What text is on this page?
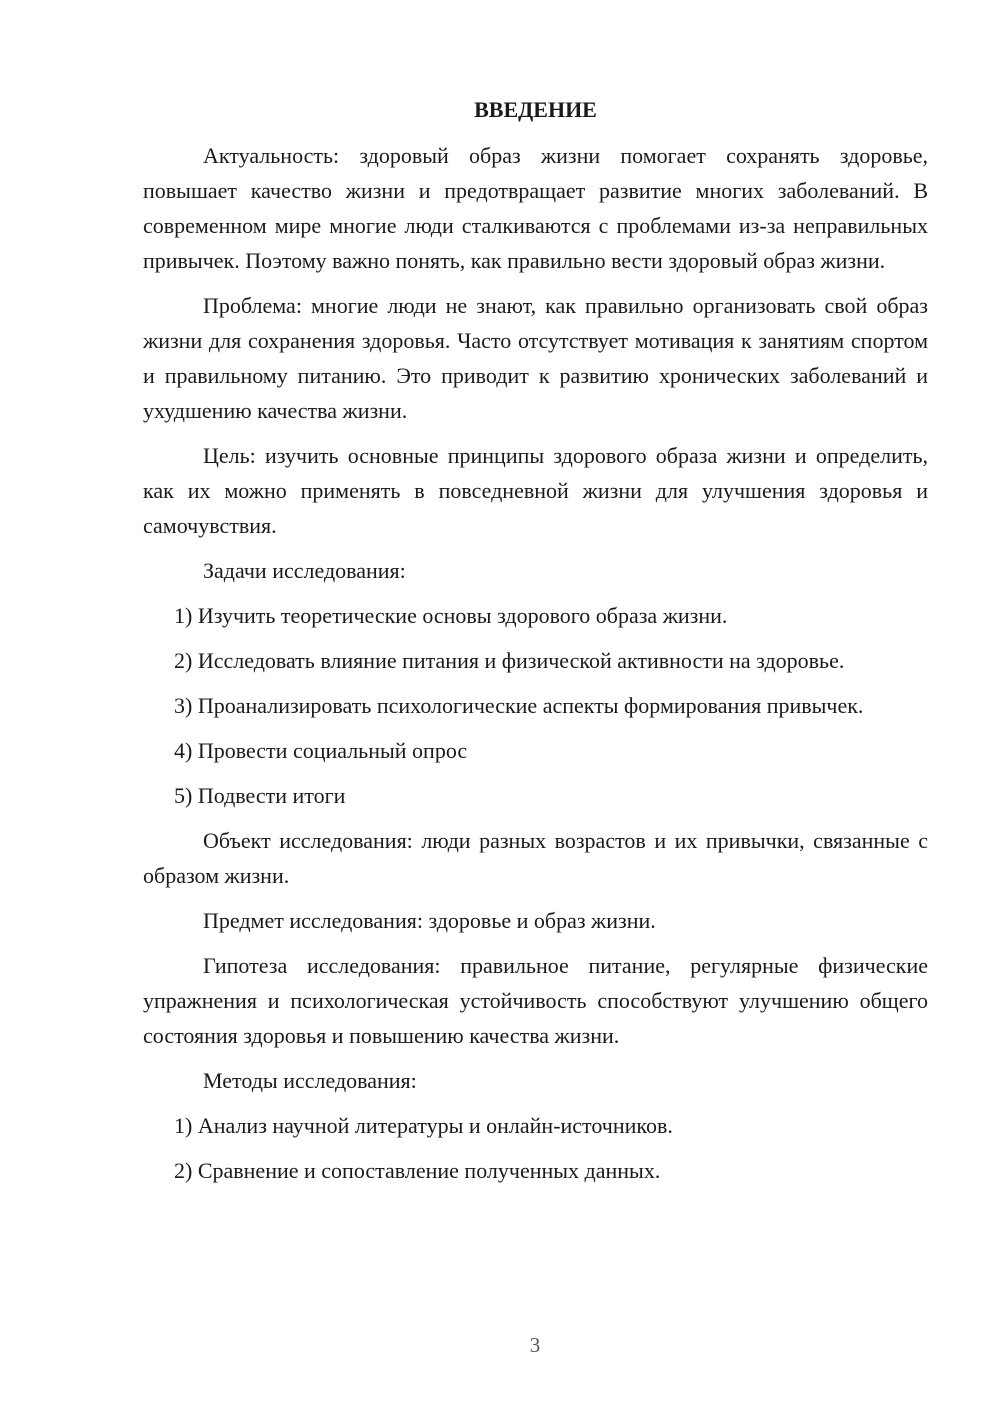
ВВЕДЕНИЕ

Актуальность: здоровый образ жизни помогает сохранять здоровье, повышает качество жизни и предотвращает развитие многих заболеваний. В современном мире многие люди сталкиваются с проблемами из-за неправильных привычек. Поэтому важно понять, как правильно вести здоровый образ жизни.

Проблема: многие люди не знают, как правильно организовать свой образ жизни для сохранения здоровья. Часто отсутствует мотивация к занятиям спортом и правильному питанию. Это приводит к развитию хронических заболеваний и ухудшению качества жизни.

Цель: изучить основные принципы здорового образа жизни и определить, как их можно применять в повседневной жизни для улучшения здоровья и самочувствия.

Задачи исследования:

1) Изучить теоретические основы здорового образа жизни.

2) Исследовать влияние питания и физической активности на здоровье.

3) Проанализировать психологические аспекты формирования привычек.

4) Провести социальный опрос

5) Подвести итоги

Объект исследования: люди разных возрастов и их привычки, связанные с образом жизни.

Предмет исследования: здоровье и образ жизни.

Гипотеза исследования: правильное питание, регулярные физические упражнения и психологическая устойчивость способствуют улучшению общего состояния здоровья и повышению качества жизни.

Методы исследования:

1) Анализ научной литературы и онлайн-источников.

2) Сравнение и сопоставление полученных данных.

3
